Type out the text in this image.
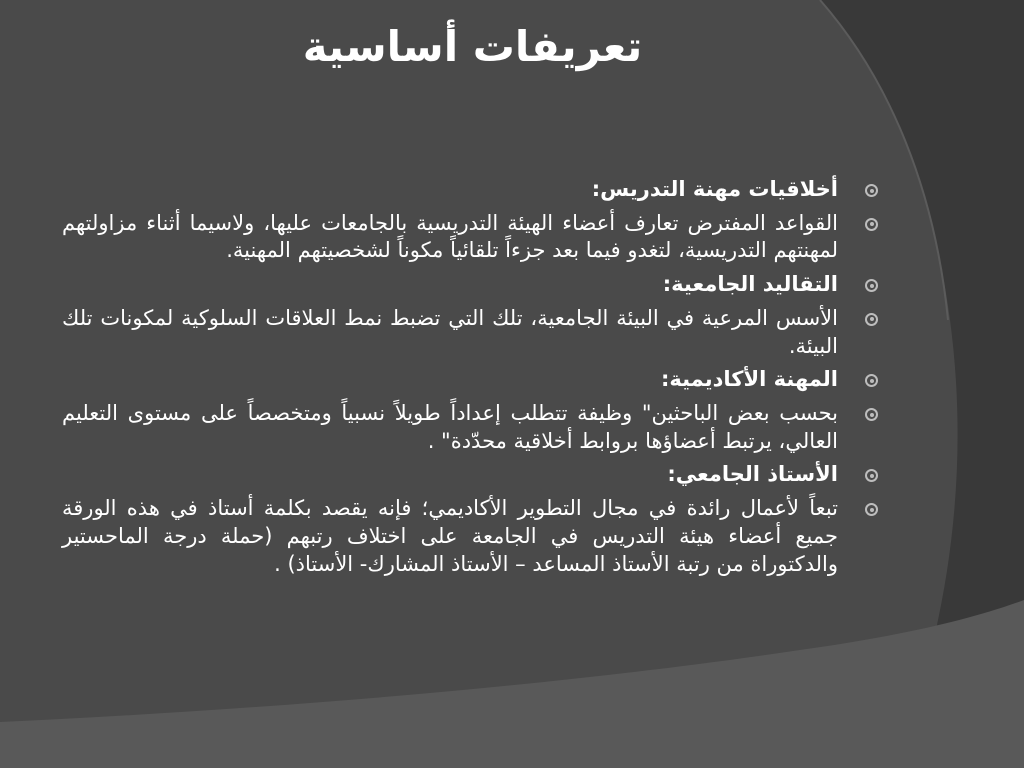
تعريفات أساسية
أخلاقيات مهنة التدريس:
القواعد المفترض تعارف أعضاء الهيئة التدريسية بالجامعات عليها، ولاسيما أثناء مزاولتهم لمهنتهم التدريسية، لتغدو فيما بعد جزءاً تلقائياً مكوناً لشخصيتهم المهنية.
التقاليد الجامعية:
الأسس المرعية في البيئة الجامعية، تلك التي تضبط نمط العلاقات السلوكية لمكونات تلك البيئة.
المهنة الأكاديمية:
بحسب بعض الباحثين" وظيفة تتطلب إعداداً طويلاً نسبياً ومتخصصاً على مستوى التعليم العالي، يرتبط أعضاؤها بروابط أخلاقية محدّدة" .
الأستاذ الجامعي:
تبعاً لأعمال رائدة في مجال التطوير الأكاديمي؛ فإنه يقصد بكلمة أستاذ في هذه الورقة جميع أعضاء هيئة التدريس في الجامعة على اختلاف رتبهم (حملة درجة الماحستير والدكتوراة من رتبة الأستاذ المساعد – الأستاذ المشارك- الأستاذ) .
